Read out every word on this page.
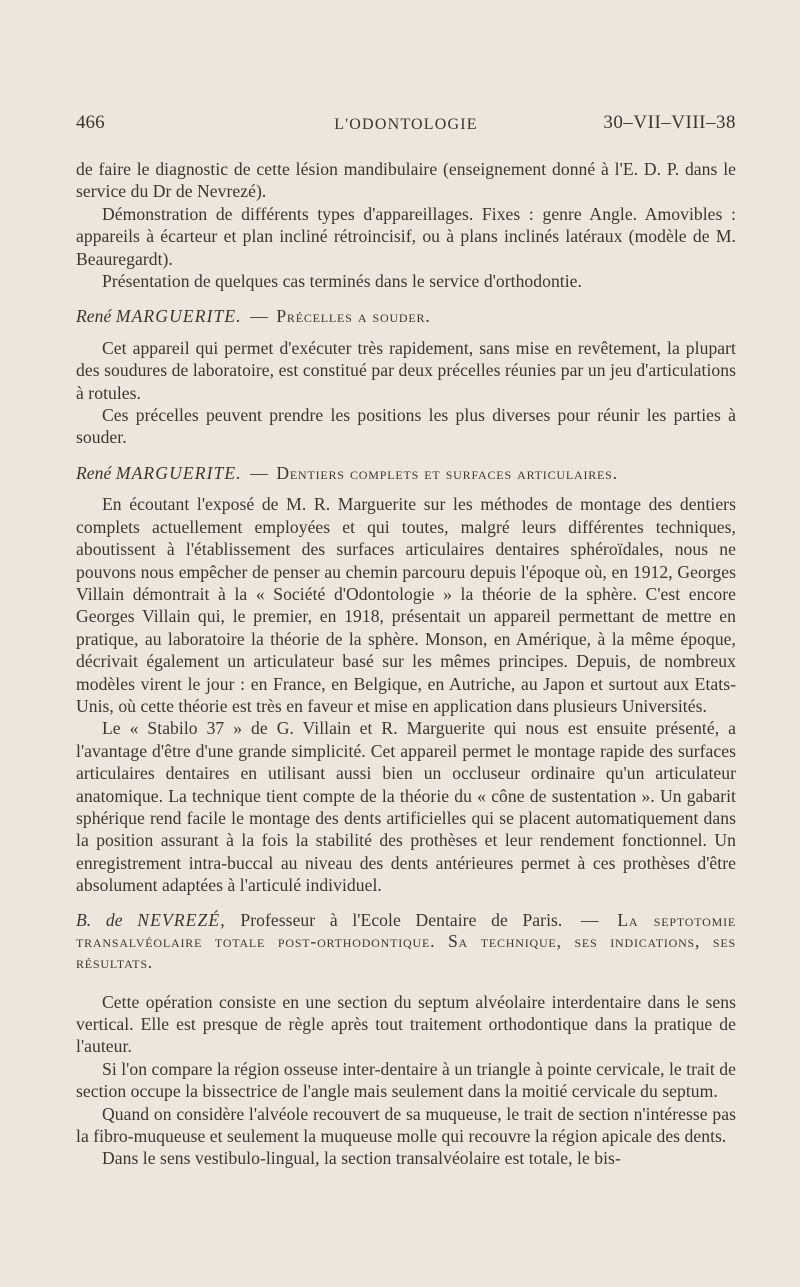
466	L'ODONTOLOGIE	30–VII–VIII–38

de faire le diagnostic de cette lésion mandibulaire (enseignement donné à l'E. D. P. dans le service du Dr de Nevrezé).

Démonstration de différents types d'appareillages. Fixes : genre Angle. Amovibles : appareils à écarteur et plan incliné rétroincisif, ou à plans inclinés latéraux (modèle de M. Beauregardt).

Présentation de quelques cas terminés dans le service d'orthodontie.

René MARGUERITE. — Précelles a souder.

Cet appareil qui permet d'exécuter très rapidement, sans mise en revêtement, la plupart des soudures de laboratoire, est constitué par deux précelles réunies par un jeu d'articulations à rotules.

Ces précelles peuvent prendre les positions les plus diverses pour réunir les parties à souder.

René MARGUERITE. — Dentiers complets et surfaces articulaires.

En écoutant l'exposé de M. R. Marguerite sur les méthodes de montage des dentiers complets actuellement employées et qui toutes, malgré leurs différentes techniques, aboutissent à l'établissement des surfaces articulaires dentaires sphéroïdales, nous ne pouvons nous empêcher de penser au chemin parcouru depuis l'époque où, en 1912, Georges Villain démontrait à la « Société d'Odontologie » la théorie de la sphère. C'est encore Georges Villain qui, le premier, en 1918, présentait un appareil permettant de mettre en pratique, au laboratoire la théorie de la sphère. Monson, en Amérique, à la même époque, décrivait également un articulateur basé sur les mêmes principes. Depuis, de nombreux modèles virent le jour : en France, en Belgique, en Autriche, au Japon et surtout aux Etats-Unis, où cette théorie est très en faveur et mise en application dans plusieurs Universités.

Le « Stabilo 37 » de G. Villain et R. Marguerite qui nous est ensuite présenté, a l'avantage d'être d'une grande simplicité. Cet appareil permet le montage rapide des surfaces articulaires dentaires en utilisant aussi bien un occluseur ordinaire qu'un articulateur anatomique. La technique tient compte de la théorie du « cône de sustentation ». Un gabarit sphérique rend facile le montage des dents artificielles qui se placent automatiquement dans la position assurant à la fois la stabilité des prothèses et leur rendement fonctionnel. Un enregistrement intra-buccal au niveau des dents antérieures permet à ces prothèses d'être absolument adaptées à l'articulé individuel.

B. de NEVREZÉ, Professeur à l'Ecole Dentaire de Paris. — La septotomie transalvéolaire totale post-orthodontique. Sa technique, ses indications, ses résultats.

Cette opération consiste en une section du septum alvéolaire interdentaire dans le sens vertical. Elle est presque de règle après tout traitement orthodontique dans la pratique de l'auteur.

Si l'on compare la région osseuse inter-dentaire à un triangle à pointe cervicale, le trait de section occupe la bissectrice de l'angle mais seulement dans la moitié cervicale du septum.

Quand on considère l'alvéole recouvert de sa muqueuse, le trait de section n'intéresse pas la fibro-muqueuse et seulement la muqueuse molle qui recouvre la région apicale des dents.

Dans le sens vestibulo-lingual, la section transalvéolaire est totale, le bis-
